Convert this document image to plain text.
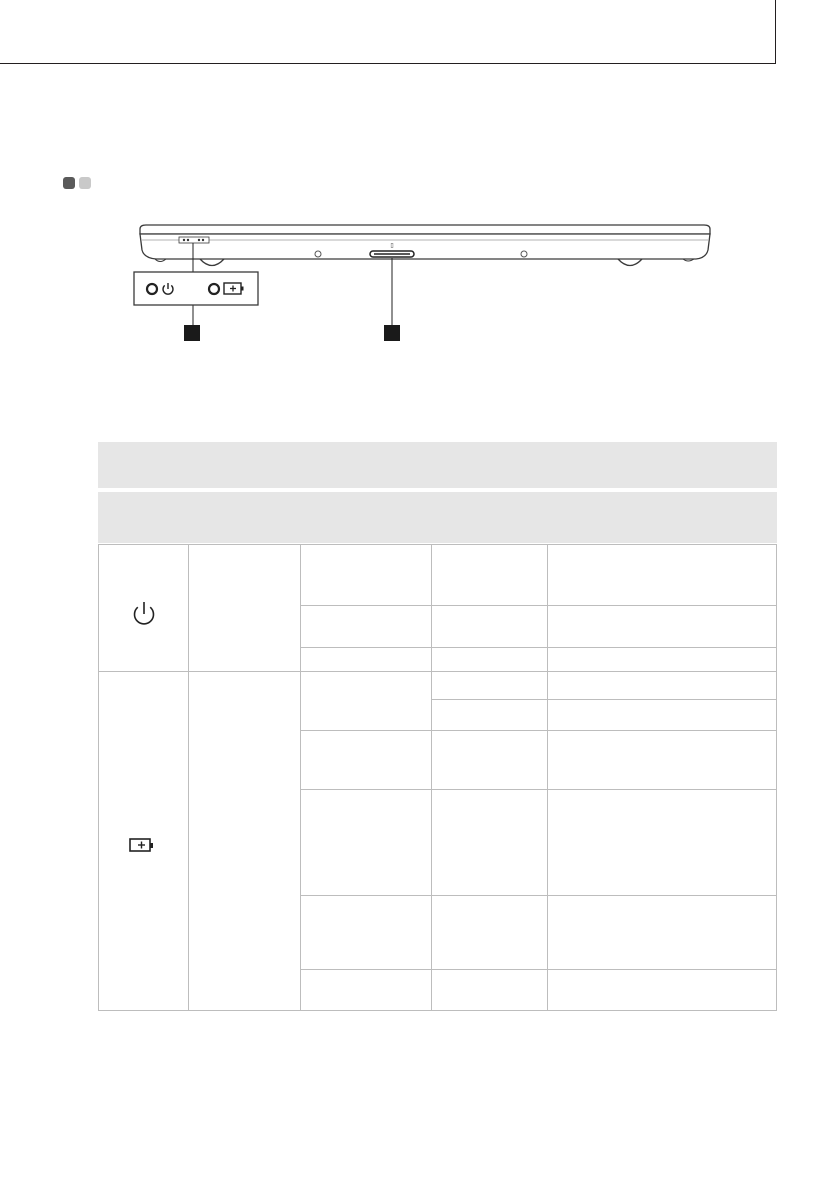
▯
